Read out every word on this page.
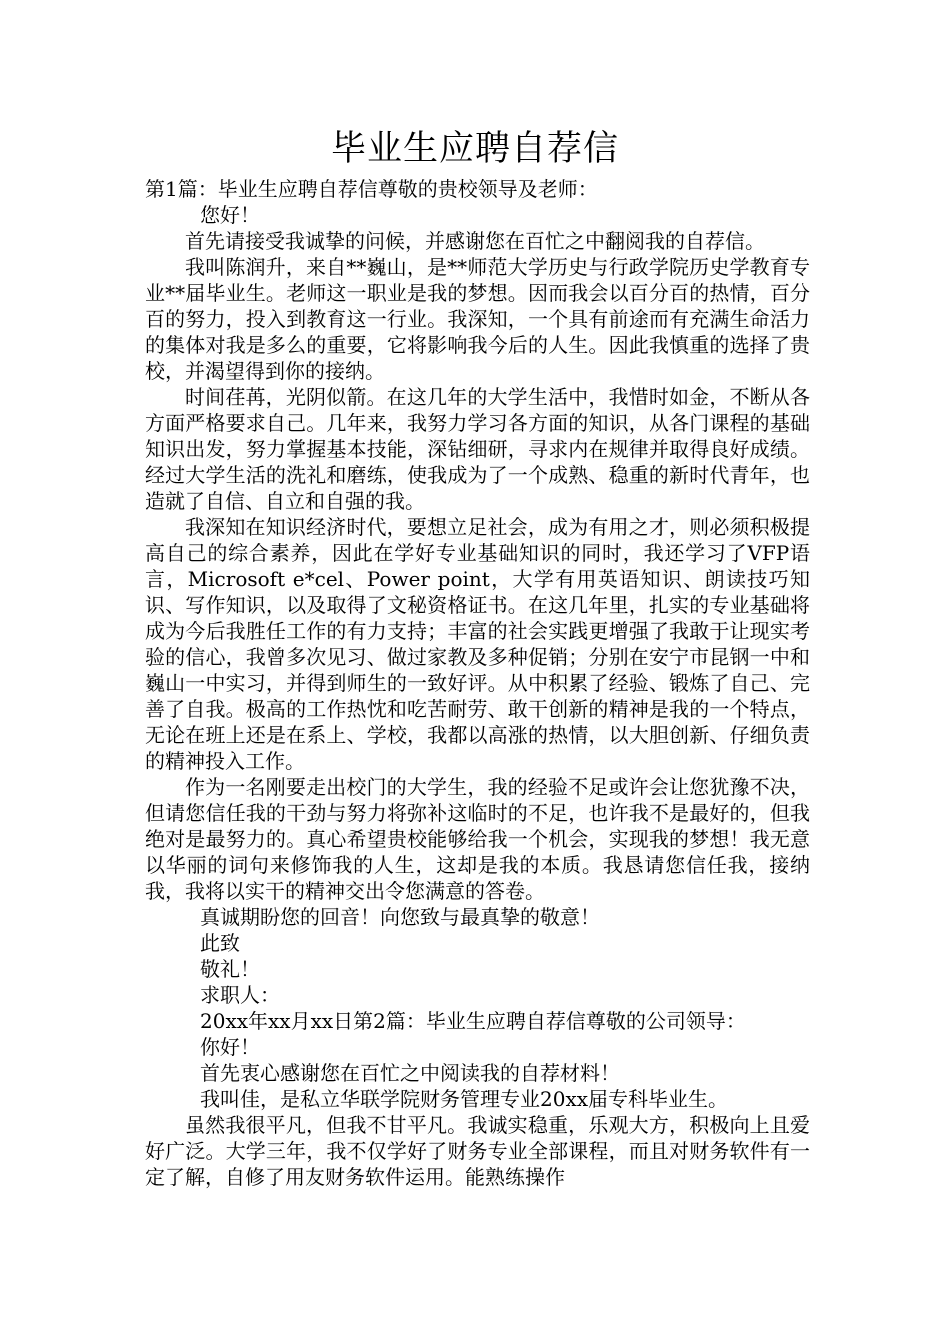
毕业生应聘自荐信

第1篇：毕业生应聘自荐信尊敬的贵校领导及老师：

您好！

首先请接受我诚挚的问候，并感谢您在百忙之中翻阅我的自荐信。

我叫陈润升，来自**巍山，是**师范大学历史与行政学院历史学教育专业**届毕业生。老师这一职业是我的梦想。因而我会以百分百的热情，百分百的努力，投入到教育这一行业。我深知，一个具有前途而有充满生命活力的集体对我是多么的重要，它将影响我今后的人生。因此我慎重的选择了贵校，并渴望得到你的接纳。

时间荏苒，光阴似箭。在这几年的大学生活中，我惜时如金，不断从各方面严格要求自己。几年来，我努力学习各方面的知识，从各门课程的基础知识出发，努力掌握基本技能，深钻细研，寻求内在规律并取得良好成绩。经过大学生活的洗礼和磨练，使我成为了一个成熟、稳重的新时代青年，也造就了自信、自立和自强的我。

我深知在知识经济时代，要想立足社会，成为有用之才，则必须积极提高自己的综合素养，因此在学好专业基础知识的同时，我还学习了VFP语言，Microsoft e*cel、Power point，大学有用英语知识、朗读技巧知识、写作知识，以及取得了文秘资格证书。在这几年里，扎实的专业基础将成为今后我胜任工作的有力支持；丰富的社会实践更增强了我敢于让现实考验的信心，我曾多次见习、做过家教及多种促销；分别在安宁市昆钢一中和巍山一中实习，并得到师生的一致好评。从中积累了经验、锻炼了自己、完善了自我。极高的工作热忱和吃苦耐劳、敢干创新的精神是我的一个特点，无论在班上还是在系上、学校，我都以高涨的热情，以大胆创新、仔细负责的精神投入工作。

作为一名刚要走出校门的大学生，我的经验不足或许会让您犹豫不决，但请您信任我的干劲与努力将弥补这临时的不足，也许我不是最好的，但我绝对是最努力的。真心希望贵校能够给我一个机会，实现我的梦想！我无意以华丽的词句来修饰我的人生，这却是我的本质。我恳请您信任我，接纳我，我将以实干的精神交出令您满意的答卷。

真诚期盼您的回音！向您致与最真挚的敬意！

此致

敬礼！

求职人：

20xx年xx月xx日第2篇：毕业生应聘自荐信尊敬的公司领导：

你好！

首先衷心感谢您在百忙之中阅读我的自荐材料！

我叫佳，是私立华联学院财务管理专业20xx届专科毕业生。

虽然我很平凡，但我不甘平凡。我诚实稳重，乐观大方，积极向上且爱好广泛。大学三年，我不仅学好了财务专业全部课程，而且对财务软件有一定了解，自修了用友财务软件运用。能熟练操作
